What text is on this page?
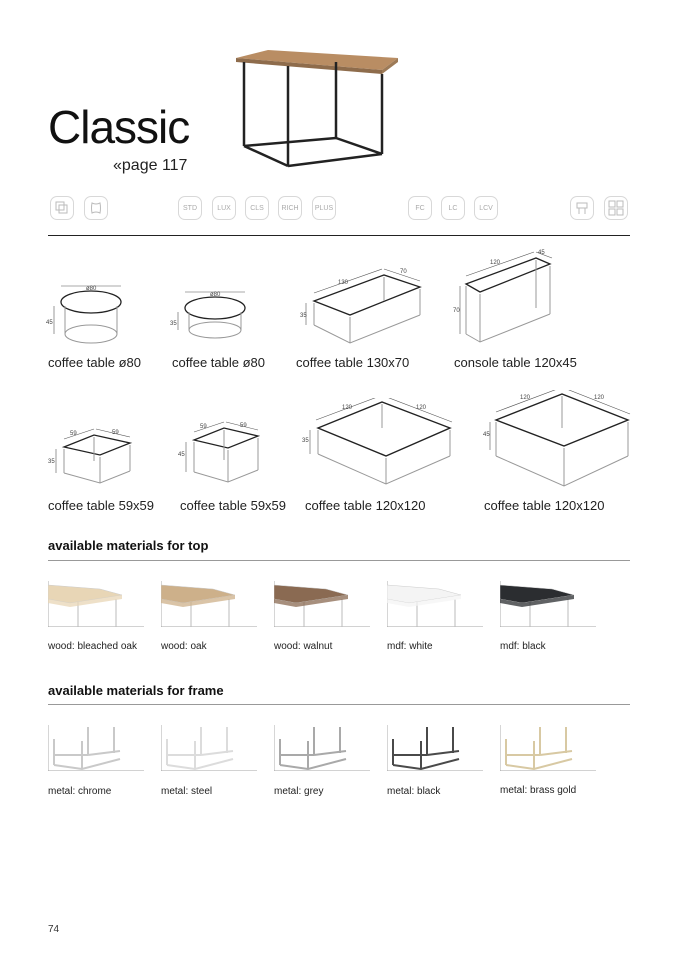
Classic
«page 117
STD	LUX	CLS	RICH	PLUS	FC	LC	LCV
ø80
45
coffee table ø80
ø80
35
coffee table ø80
130
70
35
coffee table 130x70
120
45
70
console table 120x45
59	59
35
coffee table 59x59
59	59
45
coffee table 59x59
120	120
35
coffee table 120x120
120	120
45
coffee table 120x120
available materials for top
wood: bleached oak wood: oak	wood: walnut	mdf: white	mdf: black
available materials for frame
metal: chrome	metal: steel	metal: grey	metal: black	metal: brass gold
74
